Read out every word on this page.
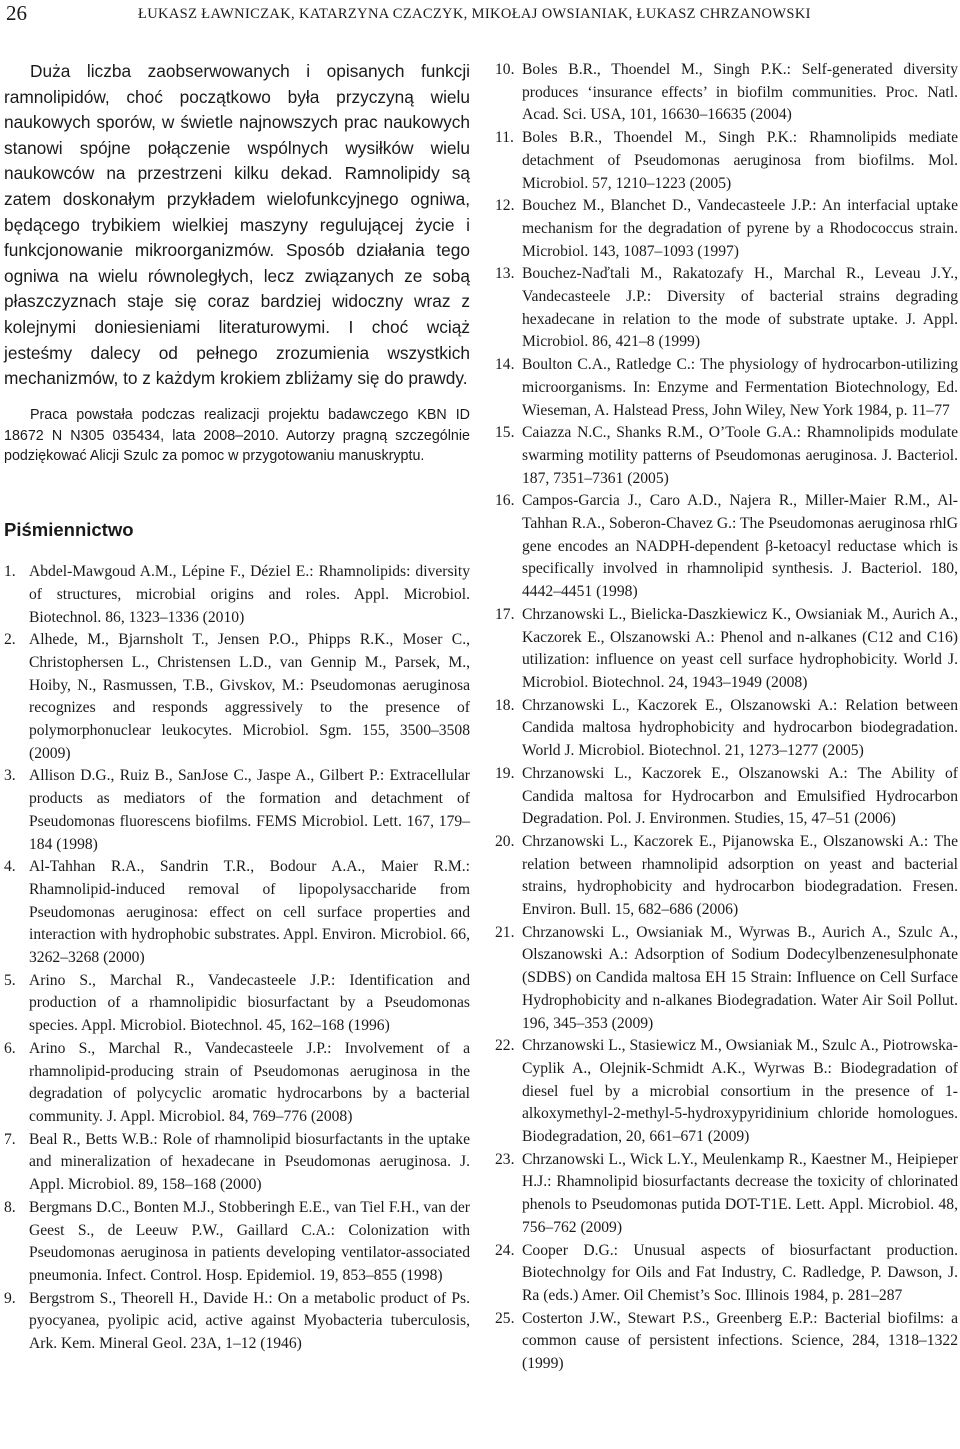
26	ŁUKASZ ŁAWNICZAK, KATARZYNA CZACZYK, MIKOŁAJ OWSIANIAK, ŁUKASZ CHRZANOWSKI

Duża liczba zaobserwowanych i opisanych funkcji ramnolipidów, choć początkowo była przyczyną wielu naukowych sporów, w świetle najnowszych prac naukowych stanowi spójne połączenie wspólnych wysiłków wielu naukowców na przestrzeni kilku dekad. Ramnolipidy są zatem doskonałym przykładem wielofunkcyjnego ogniwa, będącego trybikiem wielkiej maszyny regulującej życie i funkcjonowanie mikroorganizmów. Sposób działania tego ogniwa na wielu równoległych, lecz związanych ze sobą płaszczyznach staje się coraz bardziej widoczny wraz z kolejnymi doniesieniami literaturowymi. I choć wciąż jesteśmy dalecy od pełnego zrozumienia wszystkich mechanizmów, to z każdym krokiem zbliżamy się do prawdy.

Praca powstała podczas realizacji projektu badawczego KBN ID 18672 N N305 035434, lata 2008–2010. Autorzy pragną szczególnie podziękować Alicji Szulc za pomoc w przygotowaniu manuskryptu.

Piśmiennictwo
1. Abdel-Mawgoud A.M., Lépine F., Déziel E.: Rhamnolipids: diversity of structures, microbial origins and roles. Appl. Microbiol. Biotechnol. 86, 1323–1336 (2010)
2. Alhede, M., Bjarnsholt T., Jensen P.O., Phipps R.K., Moser C., Christophersen L., Christensen L.D., van Gennip M., Parsek, M., Hoiby, N., Rasmussen, T.B., Givskov, M.: Pseudomonas aeruginosa recognizes and responds aggressively to the presence of polymorphonuclear leukocytes. Microbiol. Sgm. 155, 3500–3508 (2009)
3. Allison D.G., Ruiz B., SanJose C., Jaspe A., Gilbert P.: Extracellular products as mediators of the formation and detachment of Pseudomonas fluorescens biofilms. FEMS Microbiol. Lett. 167, 179–184 (1998)
4. Al-Tahhan R.A., Sandrin T.R., Bodour A.A., Maier R.M.: Rhamnolipid-induced removal of lipopolysaccharide from Pseudomonas aeruginosa: effect on cell surface properties and interaction with hydrophobic substrates. Appl. Environ. Microbiol. 66, 3262–3268 (2000)
5. Arino S., Marchal R., Vandecasteele J.P.: Identification and production of a rhamnolipidic biosurfactant by a Pseudomonas species. Appl. Microbiol. Biotechnol. 45, 162–168 (1996)
6. Arino S., Marchal R., Vandecasteele J.P.: Involvement of a rhamnolipid-producing strain of Pseudomonas aeruginosa in the degradation of polycyclic aromatic hydrocarbons by a bacterial community. J. Appl. Microbiol. 84, 769–776 (2008)
7. Beal R., Betts W.B.: Role of rhamnolipid biosurfactants in the uptake and mineralization of hexadecane in Pseudomonas aeruginosa. J. Appl. Microbiol. 89, 158–168 (2000)
8. Bergmans D.C., Bonten M.J., Stobberingh E.E., van Tiel F.H., van der Geest S., de Leeuw P.W., Gaillard C.A.: Colonization with Pseudomonas aeruginosa in patients developing ventilator-associated pneumonia. Infect. Control. Hosp. Epidemiol. 19, 853–855 (1998)
9. Bergstrom S., Theorell H., Davide H.: On a metabolic product of Ps. pyocyanea, pyolipic acid, active against Myobacteria tuberculosis, Ark. Kem. Mineral Geol. 23A, 1–12 (1946)
10. Boles B.R., Thoendel M., Singh P.K.: Self-generated diversity produces ‘insurance effects’ in biofilm communities. Proc. Natl. Acad. Sci. USA, 101, 16630–16635 (2004)
11. Boles B.R., Thoendel M., Singh P.K.: Rhamnolipids mediate detachment of Pseudomonas aeruginosa from biofilms. Mol. Microbiol. 57, 1210–1223 (2005)
12. Bouchez M., Blanchet D., Vandecasteele J.P.: An interfacial uptake mechanism for the degradation of pyrene by a Rhodococcus strain. Microbiol. 143, 1087–1093 (1997)
13. Bouchez-Naďtali M., Rakatozafy H., Marchal R., Leveau J.Y., Vandecasteele J.P.: Diversity of bacterial strains degrading hexadecane in relation to the mode of substrate uptake. J. Appl. Microbiol. 86, 421–8 (1999)
14. Boulton C.A., Ratledge C.: The physiology of hydrocarbon-utilizing microorganisms. In: Enzyme and Fermentation Biotechnology, Ed. Wieseman, A. Halstead Press, John Wiley, New York 1984, p. 11–77
15. Caiazza N.C., Shanks R.M., O’Toole G.A.: Rhamnolipids modulate swarming motility patterns of Pseudomonas aeruginosa. J. Bacteriol. 187, 7351–7361 (2005)
16. Campos-Garcia J., Caro A.D., Najera R., Miller-Maier R.M., Al-Tahhan R.A., Soberon-Chavez G.: The Pseudomonas aeruginosa rhlG gene encodes an NADPH-dependent β-ketoacyl reductase which is specifically involved in rhamnolipid synthesis. J. Bacteriol. 180, 4442–4451 (1998)
17. Chrzanowski L., Bielicka-Daszkiewicz K., Owsianiak M., Aurich A., Kaczorek E., Olszanowski A.: Phenol and n-alkanes (C12 and C16) utilization: influence on yeast cell surface hydrophobicity. World J. Microbiol. Biotechnol. 24, 1943–1949 (2008)
18. Chrzanowski L., Kaczorek E., Olszanowski A.: Relation between Candida maltosa hydrophobicity and hydrocarbon biodegradation. World J. Microbiol. Biotechnol. 21, 1273–1277 (2005)
19. Chrzanowski L., Kaczorek E., Olszanowski A.: The Ability of Candida maltosa for Hydrocarbon and Emulsified Hydrocarbon Degradation. Pol. J. Environmen. Studies, 15, 47–51 (2006)
20. Chrzanowski L., Kaczorek E., Pijanowska E., Olszanowski A.: The relation between rhamnolipid adsorption on yeast and bacterial strains, hydrophobicity and hydrocarbon biodegradation. Fresen. Environ. Bull. 15, 682–686 (2006)
21. Chrzanowski L., Owsianiak M., Wyrwas B., Aurich A., Szulc A., Olszanowski A.: Adsorption of Sodium Dodecylbenzenesulphonate (SDBS) on Candida maltosa EH 15 Strain: Influence on Cell Surface Hydrophobicity and n-alkanes Biodegradation. Water Air Soil Pollut. 196, 345–353 (2009)
22. Chrzanowski L., Stasiewicz M., Owsianiak M., Szulc A., Piotrowska-Cyplik A., Olejnik-Schmidt A.K., Wyrwas B.: Biodegradation of diesel fuel by a microbial consortium in the presence of 1-alkoxymethyl-2-methyl-5-hydroxypyridinium chloride homologues. Biodegradation, 20, 661–671 (2009)
23. Chrzanowski L., Wick L.Y., Meulenkamp R., Kaestner M., Heipieper H.J.: Rhamnolipid biosurfactants decrease the toxicity of chlorinated phenols to Pseudomonas putida DOT-T1E. Lett. Appl. Microbiol. 48, 756–762 (2009)
24. Cooper D.G.: Unusual aspects of biosurfactant production. Biotechnolgy for Oils and Fat Industry, C. Radledge, P. Dawson, J. Ra (eds.) Amer. Oil Chemist’s Soc. Illinois 1984, p. 281–287
25. Costerton J.W., Stewart P.S., Greenberg E.P.: Bacterial biofilms: a common cause of persistent infections. Science, 284, 1318–1322 (1999)
